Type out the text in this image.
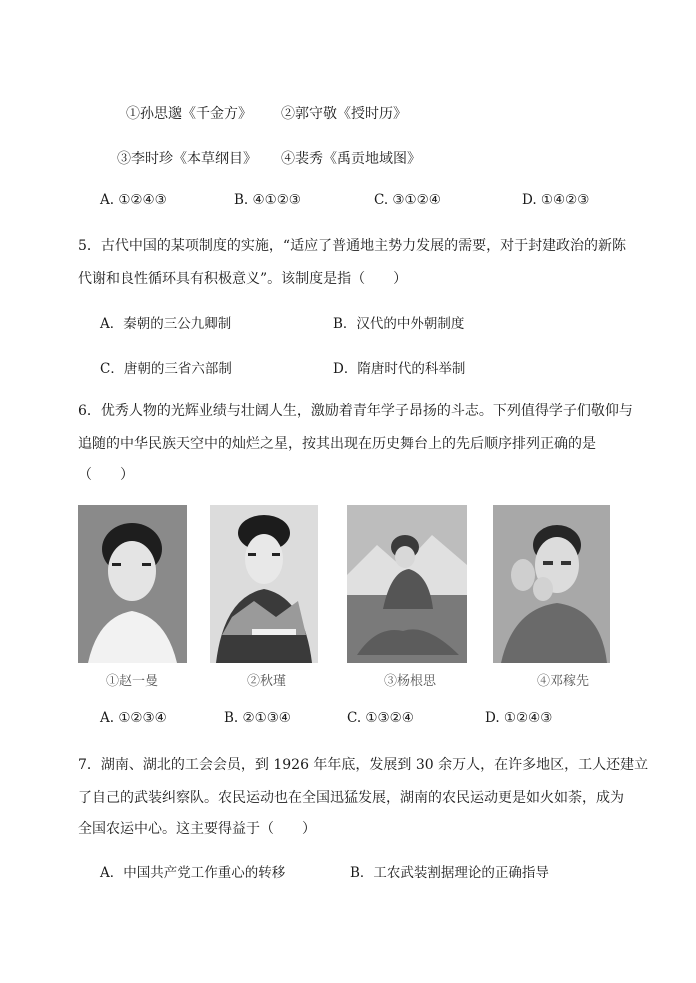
①孙思邈《千金方》 ②郭守敬《授时历》
③李时珍《本草纲目》 ④裴秀《禹贡地域图》
A. ①②④③	B. ④①②③	C. ③①②④	D. ①④②③
5．古代中国的某项制度的实施，“适应了普通地主势力发展的需要，对于封建政治的新陈
代谢和良性循环具有积极意义”。该制度是指（　　）
A．秦朝的三公九卿制	B．汉代的中外朝制度
C．唐朝的三省六部制	D．隋唐时代的科举制
6．优秀人物的光辉业绩与壮阔人生，激励着青年学子昂扬的斗志。下列值得学子们敬仰与
追随的中华民族天空中的灿烂之星，按其出现在历史舞台上的先后顺序排列正确的是
（　　）
①赵一曼	②秋瑾	③杨根思	④邓稼先
A. ①②③④	B. ②①③④	C. ①③②④	D. ①②④③
7．湖南、湖北的工会会员，到 1926 年年底，发展到 30 余万人，在许多地区，工人还建立
了自己的武装纠察队。农民运动也在全国迅猛发展，湖南的农民运动更是如火如荼，成为
全国农运中心。这主要得益于（　　）
A．中国共产党工作重心的转移	B．工农武装割据理论的正确指导
